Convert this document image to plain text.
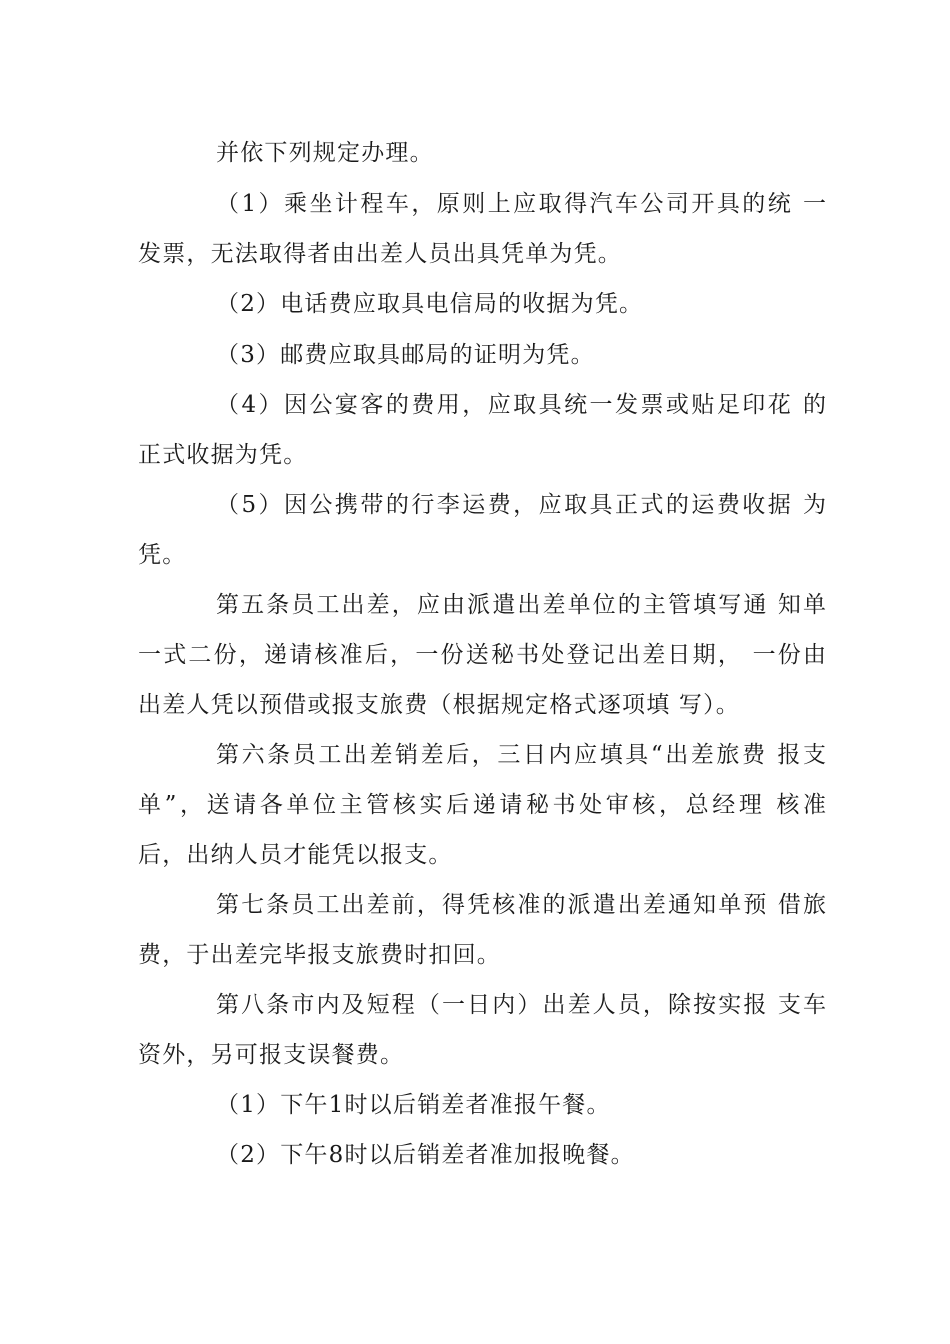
并依下列规定办理。
（1）乘坐计程车，原则上应取得汽车公司开具的统 一
发票，无法取得者由出差人员出具凭单为凭。
（2）电话费应取具电信局的收据为凭。
（3）邮费应取具邮局的证明为凭。
（4）因公宴客的费用，应取具统一发票或贴足印花 的
正式收据为凭。
（5）因公携带的行李运费，应取具正式的运费收据 为
凭。
第五条员工出差，应由派遣出差单位的主管填写通 知单
一式二份，递请核准后，一份送秘书处登记出差日期， 一份由
出差人凭以预借或报支旅费（根据规定格式逐项填 写）。
第六条员工出差销差后，三日内应填具“出差旅费 报支
单”，送请各单位主管核实后递请秘书处审核，总经理 核准
后，出纳人员才能凭以报支。
第七条员工出差前，得凭核准的派遣出差通知单预 借旅
费，于出差完毕报支旅费时扣回。
第八条市内及短程（一日内）出差人员，除按实报 支车
资外，另可报支误餐费。
（1）下午1时以后销差者准报午餐。
（2）下午8时以后销差者准加报晚餐。
